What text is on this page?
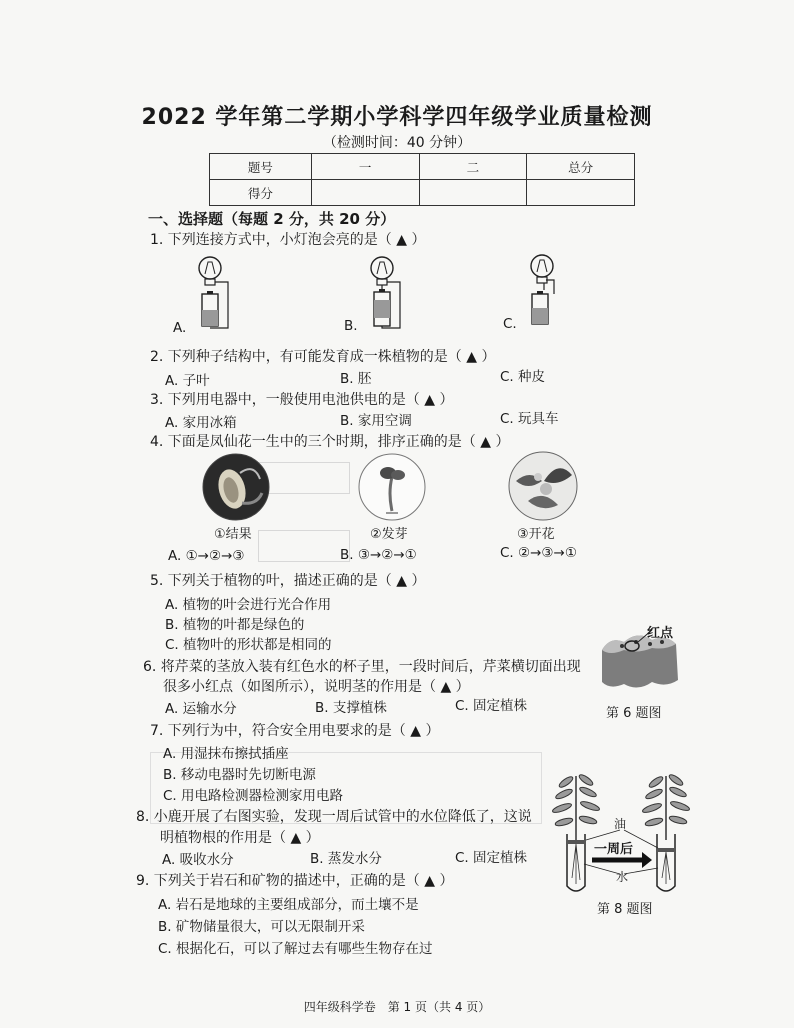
2022 学年第二学期小学科学四年级学业质量检测
（检测时间：40 分钟）
题号	一	二	总分
得分			
一、选择题（每题 2 分，共 20 分）
1. 下列连接方式中，小灯泡会亮的是（ ▲ ）
A.	B.	C.
2. 下列种子结构中，有可能发育成一株植物的是（ ▲ ）
A. 子叶	B. 胚	C. 种皮
3. 下列用电器中，一般使用电池供电的是（ ▲ ）
A. 家用冰箱	B. 家用空调	C. 玩具车
4. 下面是凤仙花一生中的三个时期，排序正确的是（ ▲ ）
①结果	②发芽	③开花
A. ①→②→③	B. ③→②→①	C. ②→③→①
5. 下列关于植物的叶，描述正确的是（ ▲ ）
A. 植物的叶会进行光合作用
B. 植物的叶都是绿色的
C. 植物叶的形状都是相同的
6. 将芹菜的茎放入装有红色水的杯子里，一段时间后，芹菜横切面出现
很多小红点（如图所示），说明茎的作用是（ ▲ ）
A. 运输水分	B. 支撑植株	C. 固定植株
红点
第 6 题图
7. 下列行为中，符合安全用电要求的是（ ▲ ）
A. 用湿抹布擦拭插座
B. 移动电器时先切断电源
C. 用电路检测器检测家用电路
8. 小鹿开展了右图实验，发现一周后试管中的水位降低了，这说
明植物根的作用是（ ▲ ）
A. 吸收水分	B. 蒸发水分	C. 固定植株
油
一周后
水
第 8 题图
9. 下列关于岩石和矿物的描述中，正确的是（ ▲ ）
A. 岩石是地球的主要组成部分，而土壤不是
B. 矿物储量很大，可以无限制开采
C. 根据化石，可以了解过去有哪些生物存在过
四年级科学卷　第 1 页（共 4 页）
